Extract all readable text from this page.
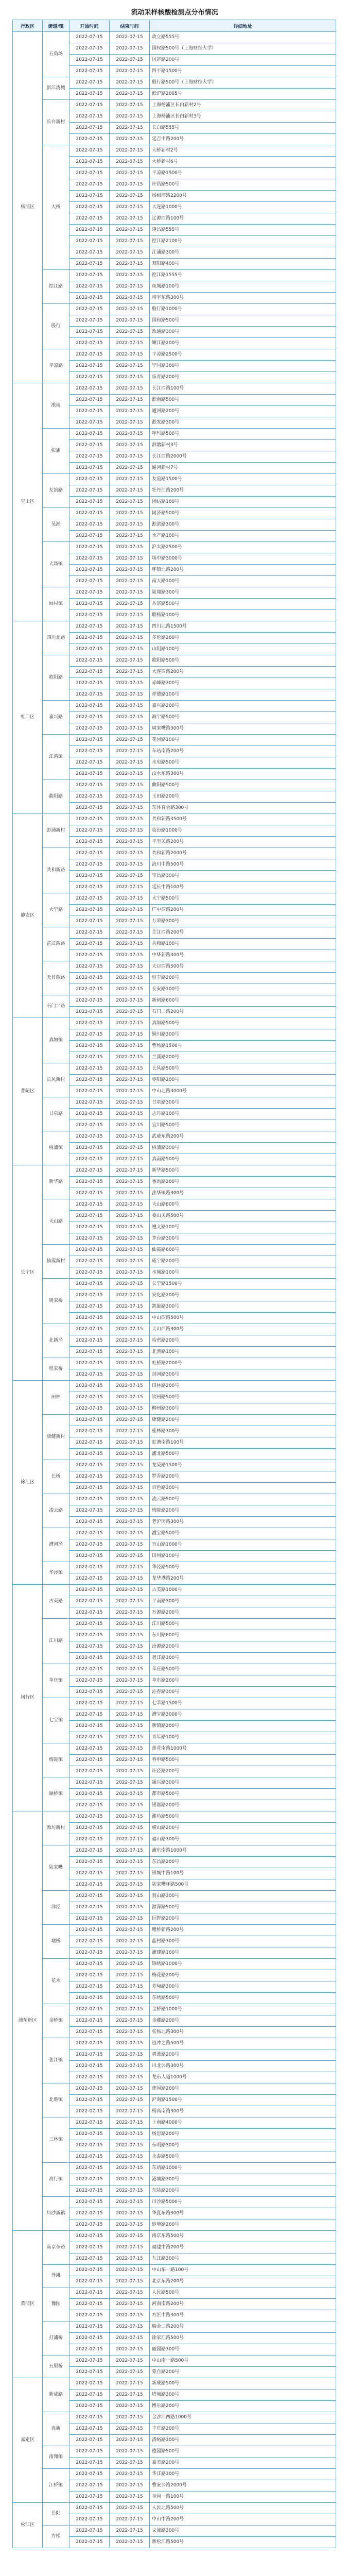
流动采样核酸检测点分布情况
行政区	街道/镇	开始时间	结束时间	详细地址
杨浦区	五角场	2022-07-15	2022-07-15	政立路555号
		2022-07-15	2022-07-15	国权路500号（上海财经大学）
		2022-07-15	2022-07-15	国定路200号
		2022-07-15	2022-07-15	四平路1500号
	新江湾城	2022-07-15	2022-07-15	殷行路500号（上海财经大学）
		2022-07-15	2022-07-15	淞沪路2005号
	长白新村	2022-07-15	2022-07-15	上海杨浦区长白新村2号
		2022-07-15	2022-07-15	上海杨浦区长白新村3号
		2022-07-15	2022-07-15	长白路555号
		2022-07-15	2022-07-15	延吉中路200号
	大桥	2022-07-15	2022-07-15	大桥新村2号
		2022-07-15	2022-07-15	大桥新村6号
		2022-07-15	2022-07-15	平凉路1500号
		2022-07-15	2022-07-15	许昌路500号
		2022-07-15	2022-07-15	杨树浦路2200号
		2022-07-15	2022-07-15	大连路1000号
		2022-07-15	2022-07-15	辽源西路100号
		2022-07-15	2022-07-15	隆昌路555号
		2022-07-15	2022-07-15	控江路2100号
		2022-07-15	2022-07-15	江浦路300号
		2022-07-15	2022-07-15	双阳路400号
	控江路	2022-07-15	2022-07-15	控江路1555号
		2022-07-15	2022-07-15	凤城路100号
		2022-07-15	2022-07-15	靖宇东路300号
	殷行	2022-07-15	2022-07-15	殷行路1000号
		2022-07-15	2022-07-15	国和路500号
		2022-07-15	2022-07-15	政通路300号
		2022-07-15	2022-07-15	嫩江路200号
	平凉路	2022-07-15	2022-07-15	平凉路2500号
		2022-07-15	2022-07-15	宁国路300号
		2022-07-15	2022-07-15	临青路200号
宝山区	淞南	2022-07-15	2022-07-15	长江西路100号
		2022-07-15	2022-07-15	淞南路500号
		2022-07-15	2022-07-15	通河路200号
		2022-07-15	2022-07-15	淞发路300号
	张庙	2022-07-15	2022-07-15	呼玛路500号
		2022-07-15	2022-07-15	泗塘新村3号
		2022-07-15	2022-07-15	长江西路2000号
		2022-07-15	2022-07-15	通河新村7号
	友谊路	2022-07-15	2022-07-15	友谊路1500号
		2022-07-15	2022-07-15	牡丹江路200号
		2022-07-15	2022-07-15	团结路100号
	吴淞	2022-07-15	2022-07-15	同济路500号
		2022-07-15	2022-07-15	淞滨路300号
		2022-07-15	2022-07-15	水产路100号
	大场镇	2022-07-15	2022-07-15	沪太路2500号
		2022-07-15	2022-07-15	场中路3000号
		2022-07-15	2022-07-15	环镇北路200号
		2022-07-15	2022-07-15	南大路100号
	顾村镇	2022-07-15	2022-07-15	陆翔路300号
		2022-07-15	2022-07-15	共富路500号
		2022-07-15	2022-07-15	联杨路100号
虹口区	四川北路	2022-07-15	2022-07-15	四川北路1500号
		2022-07-15	2022-07-15	多伦路200号
		2022-07-15	2022-07-15	山阴路100号
	欧阳路	2022-07-15	2022-07-15	欧阳路500号
		2022-07-15	2022-07-15	大连西路200号
		2022-07-15	2022-07-15	赤峰路300号
		2022-07-15	2022-07-15	祥德路100号
	嘉兴路	2022-07-15	2022-07-15	嘉兴路200号
		2022-07-15	2022-07-15	海宁路500号
		2022-07-15	2022-07-15	周家嘴路300号
	江湾镇	2022-07-15	2022-07-15	花园路100号
		2022-07-15	2022-07-15	车站南路200号
		2022-07-15	2022-07-15	水电路500号
		2022-07-15	2022-07-15	汶水东路300号
	曲阳路	2022-07-15	2022-07-15	曲阳路500号
		2022-07-15	2022-07-15	玉田路200号
		2022-07-15	2022-07-15	东体育会路300号
静安区	彭浦新村	2022-07-15	2022-07-15	共和新路3500号
		2022-07-15	2022-07-15	临汾路1000号
		2022-07-15	2022-07-15	平型关路200号
	共和新路	2022-07-15	2022-07-15	共和新路2000号
		2022-07-15	2022-07-15	洛川中路500号
		2022-07-15	2022-07-15	宝昌路300号
		2022-07-15	2022-07-15	延长中路100号
	大宁路	2022-07-15	2022-07-15	大宁路500号
		2022-07-15	2022-07-15	广中西路200号
		2022-07-15	2022-07-15	万荣路300号
	芷江西路	2022-07-15	2022-07-15	芷江西路200号
		2022-07-15	2022-07-15	共和路100号
		2022-07-15	2022-07-15	中华新路300号
	天目西路	2022-07-15	2022-07-15	天目西路500号
		2022-07-15	2022-07-15	恒丰路200号
		2022-07-15	2022-07-15	长安路100号
	石门二路	2022-07-15	2022-07-15	新闸路800号
		2022-07-15	2022-07-15	石门二路200号
普陀区	真如镇	2022-07-15	2022-07-15	真如路500号
		2022-07-15	2022-07-15	铜川路300号
		2022-07-15	2022-07-15	曹杨路1500号
		2022-07-15	2022-07-15	兰溪路200号
	长风新村	2022-07-15	2022-07-15	长风路500号
		2022-07-15	2022-07-15	枣阳路200号
		2022-07-15	2022-07-15	中山北路3000号
	甘泉路	2022-07-15	2022-07-15	甘泉路300号
		2022-07-15	2022-07-15	志丹路100号
		2022-07-15	2022-07-15	宜川路500号
	桃浦镇	2022-07-15	2022-07-15	武威东路200号
		2022-07-15	2022-07-15	桃浦路300号
		2022-07-15	2022-07-15	真南路500号
长宁区	新华路	2022-07-15	2022-07-15	新华路500号
		2022-07-15	2022-07-15	番禺路200号
		2022-07-15	2022-07-15	法华镇路300号
	天山路	2022-07-15	2022-07-15	天山路800号
		2022-07-15	2022-07-15	娄山关路500号
		2022-07-15	2022-07-15	遵义路100号
		2022-07-15	2022-07-15	茅台路300号
	仙霞新村	2022-07-15	2022-07-15	仙霞路600号
		2022-07-15	2022-07-15	威宁路200号
		2022-07-15	2022-07-15	水城路100号
	周家桥	2022-07-15	2022-07-15	长宁路1500号
		2022-07-15	2022-07-15	安化路200号
		2022-07-15	2022-07-15	凯旋路300号
		2022-07-15	2022-07-15	中山西路500号
	北新泾	2022-07-15	2022-07-15	天山西路300号
		2022-07-15	2022-07-15	哈密路200号
		2022-07-15	2022-07-15	北渔路100号
	程家桥	2022-07-15	2022-07-15	虹桥路2000号
		2022-07-15	2022-07-15	剑河路300号
徐汇区	田林	2022-07-15	2022-07-15	田林路200号
		2022-07-15	2022-07-15	钦州路500号
		2022-07-15	2022-07-15	柳州路300号
	康健新村	2022-07-15	2022-07-15	康健路200号
		2022-07-15	2022-07-15	桂林路300号
		2022-07-15	2022-07-15	虹漕南路100号
		2022-07-15	2022-07-15	浦北路500号
	长桥	2022-07-15	2022-07-15	龙吴路1500号
		2022-07-15	2022-07-15	罗香路200号
		2022-07-15	2022-07-15	百色路300号
	凌云路	2022-07-15	2022-07-15	凌云路500号
		2022-07-15	2022-07-15	梅陇路200号
		2022-07-15	2022-07-15	老沪闵路300号
	漕河泾	2022-07-15	2022-07-15	漕宝路500号
		2022-07-15	2022-07-15	宜山路1000号
		2022-07-15	2022-07-15	田州路100号
	华泾镇	2022-07-15	2022-07-15	华泾路500号
		2022-07-15	2022-07-15	龙华港路200号
闵行区	古美路	2022-07-15	2022-07-15	古美路1000号
		2022-07-15	2022-07-15	平南路300号
		2022-07-15	2022-07-15	万源路200号
	江川路	2022-07-15	2022-07-15	江川路500号
		2022-07-15	2022-07-15	东川路800号
		2022-07-15	2022-07-15	沧源路200号
		2022-07-15	2022-07-15	碧江路300号
	莘庄镇	2022-07-15	2022-07-15	莘庄路500号
		2022-07-15	2022-07-15	莘东路200号
		2022-07-15	2022-07-15	沁春路300号
	七宝镇	2022-07-15	2022-07-15	七莘路1500号
		2022-07-15	2022-07-15	漕宝路3000号
		2022-07-15	2022-07-15	新镇路200号
		2022-07-15	2022-07-15	青年路100号
	梅陇镇	2022-07-15	2022-07-15	莲花南路1000号
		2022-07-15	2022-07-15	春申路500号
		2022-07-15	2022-07-15	许泾路200号
	颛桥镇	2022-07-15	2022-07-15	颛兴路300号
		2022-07-15	2022-07-15	都市路500号
		2022-07-15	2022-07-15	银都路200号
浦东新区	潍坊新村	2022-07-15	2022-07-15	潍坊路500号
		2022-07-15	2022-07-15	崂山路200号
		2022-07-15	2022-07-15	福山路300号
	陆家嘴	2022-07-15	2022-07-15	浦东南路1000号
		2022-07-15	2022-07-15	东昌路200号
		2022-07-15	2022-07-15	银城中路100号
		2022-07-15	2022-07-15	陆家嘴环路500号
	洋泾	2022-07-15	2022-07-15	羽山路300号
		2022-07-15	2022-07-15	源深路500号
		2022-07-15	2022-07-15	巨野路200号
	塘桥	2022-07-15	2022-07-15	塘桥新路200号
		2022-07-15	2022-07-15	蓝村路300号
		2022-07-15	2022-07-15	浦建路100号
	花木	2022-07-15	2022-07-15	锦绣路1000号
		2022-07-15	2022-07-15	梅花路200号
		2022-07-15	2022-07-15	芳甸路300号
		2022-07-15	2022-07-15	东绣路500号
	金桥镇	2022-07-15	2022-07-15	金桥路1000号
		2022-07-15	2022-07-15	金藏路200号
		2022-07-15	2022-07-15	张杨北路300号
	张江镇	2022-07-15	2022-07-15	祖冲之路500号
		2022-07-15	2022-07-15	碧波路200号
		2022-07-15	2022-07-15	川北公路300号
		2022-07-15	2022-07-15	龙东大道1000号
	北蔡镇	2022-07-15	2022-07-15	莲园路200号
		2022-07-15	2022-07-15	沪南路1500号
		2022-07-15	2022-07-15	杨高南路300号
	三林镇	2022-07-15	2022-07-15	上南路4000号
		2022-07-15	2022-07-15	杨思路200号
		2022-07-15	2022-07-15	东明路300号
		2022-07-15	2022-07-15	永泰路500号
	高行镇	2022-07-15	2022-07-15	东靖路1000号
		2022-07-15	2022-07-15	港城路300号
		2022-07-15	2022-07-15	东陆路200号
	川沙新镇	2022-07-15	2022-07-15	川沙路5000号
		2022-07-15	2022-07-15	华夏东路300号
		2022-07-15	2022-07-15	妙境路200号
黄浦区	南京东路	2022-07-15	2022-07-15	南京东路500号
		2022-07-15	2022-07-15	福建中路200号
		2022-07-15	2022-07-15	九江路300号
	外滩	2022-07-15	2022-07-15	中山东一路100号
		2022-07-15	2022-07-15	北京东路200号
	豫园	2022-07-15	2022-07-15	人民路500号
		2022-07-15	2022-07-15	河南南路200号
		2022-07-15	2022-07-15	方浜中路300号
	打浦桥	2022-07-15	2022-07-15	瑞金二路200号
		2022-07-15	2022-07-15	徐家汇路500号
		2022-07-15	2022-07-15	丽园路300号
	五里桥	2022-07-15	2022-07-15	中山南一路500号
		2022-07-15	2022-07-15	蒙自路200号
嘉定区	新成路	2022-07-15	2022-07-15	新成路500号
		2022-07-15	2022-07-15	塔城路300号
		2022-07-15	2022-07-15	博乐路200号
	真新	2022-07-15	2022-07-15	金沙江西路1000号
		2022-07-15	2022-07-15	丰庄路200号
		2022-07-15	2022-07-15	清峪路300号
	南翔镇	2022-07-15	2022-07-15	德园路500号
		2022-07-15	2022-07-15	嘉美路200号
	江桥镇	2022-07-15	2022-07-15	华江路300号
		2022-07-15	2022-07-15	曹安公路2000号
		2022-07-15	2022-07-15	金园一路100号
松江区	岳阳	2022-07-15	2022-07-15	人民北路500号
		2022-07-15	2022-07-15	中山中路200号
	方松	2022-07-15	2022-07-15	文诚路300号
		2022-07-15	2022-07-15	新松江路500号
